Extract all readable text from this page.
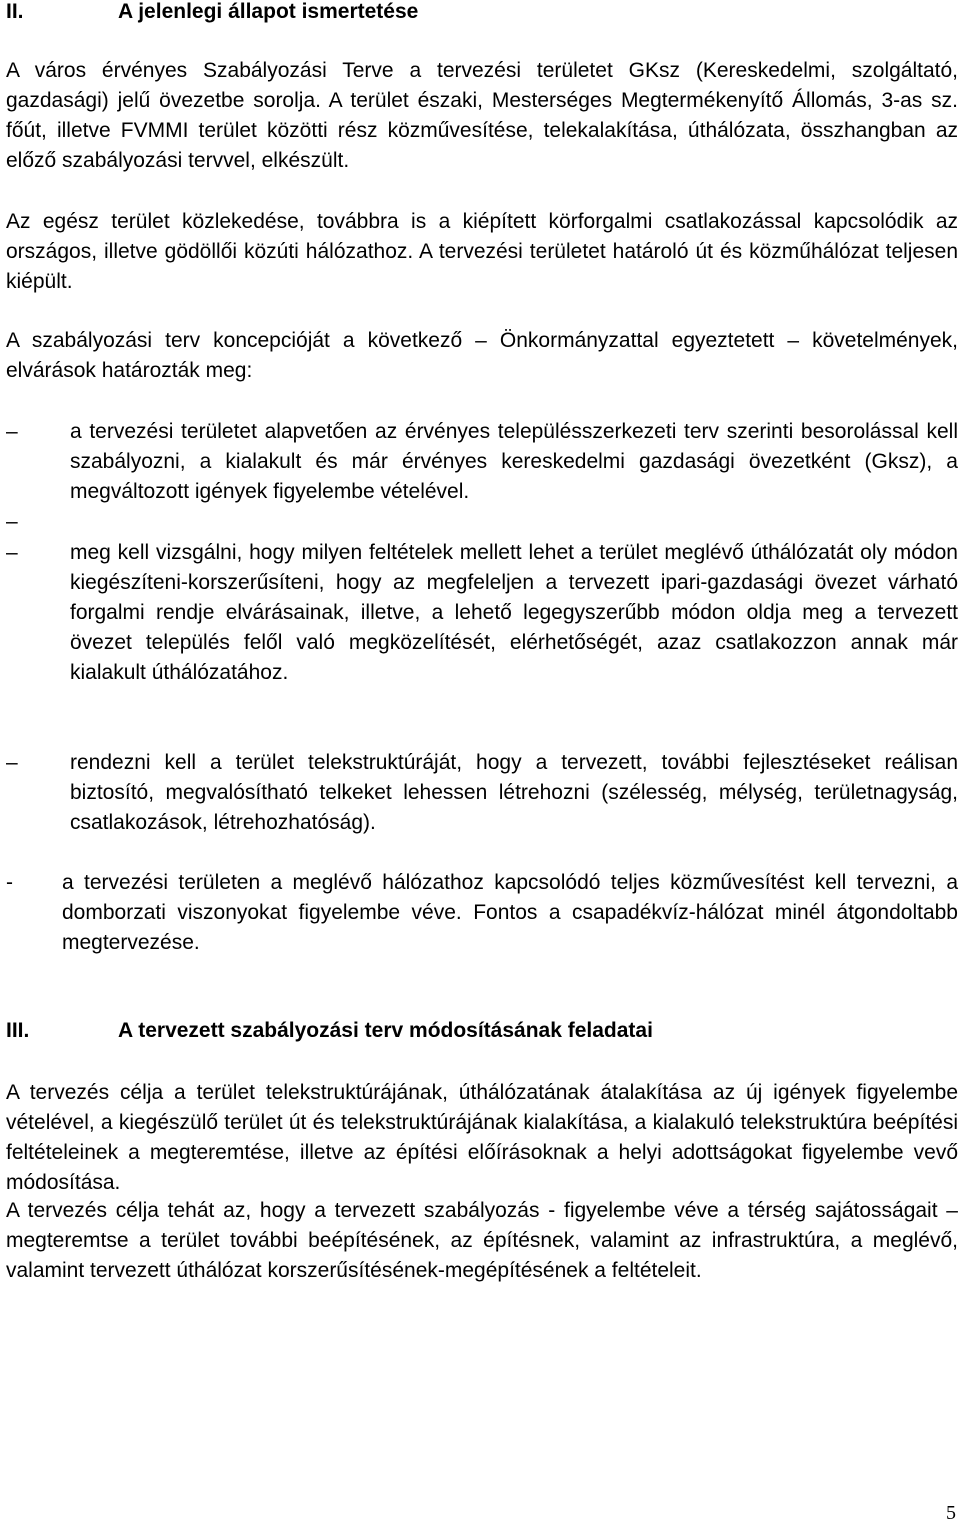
II.	A jelenlegi állapot ismertetése

A város érvényes Szabályozási Terve a tervezési területet GKsz (Kereskedelmi, szolgáltató, gazdasági) jelű övezetbe sorolja. A terület északi, Mesterséges Megtermékenyítő Állomás, 3-as sz. főút, illetve FVMMI terület közötti rész közművesítése, telekalakítása, úthálózata, összhangban az előző szabályozási tervvel, elkészült.

Az egész terület közlekedése, továbbra is a kiépített körforgalmi csatlakozással kapcsolódik az országos, illetve gödöllői közúti hálózathoz. A tervezési területet határoló út és közműhálózat teljesen kiépült.

A szabályozási terv koncepcióját a következő – Önkormányzattal egyeztetett – követelmények, elvárások határozták meg:

–	a tervezési területet alapvetően az érvényes településszerkezeti terv szerinti besorolással kell szabályozni, a kialakult és már érvényes kereskedelmi gazdasági övezetként (Gksz), a megváltozott igények figyelembe vételével.
–
–	meg kell vizsgálni, hogy milyen feltételek mellett lehet a terület meglévő úthálózatát oly módon kiegészíteni-korszerűsíteni, hogy az megfeleljen a tervezett ipari-gazdasági övezet várható forgalmi rendje elvárásainak, illetve, a lehető legegyszerűbb módon oldja meg a tervezett övezet település felől való megközelítését, elérhetőségét, azaz csatlakozzon annak már kialakult úthálózatához.
–	rendezni kell a terület telekstruktúráját, hogy a tervezett, további fejlesztéseket reálisan biztosító, megvalósítható telkeket lehessen létrehozni (szélesség, mélység, területnagyság, csatlakozások, létrehozhatóság).
-	a tervezési területen a meglévő hálózathoz kapcsolódó teljes közművesítést kell tervezni, a domborzati viszonyokat figyelembe véve. Fontos a csapadékvíz-hálózat minél átgondoltabb megtervezése.
III.	A tervezett szabályozási terv módosításának feladatai

A tervezés célja a terület telekstruktúrájának, úthálózatának átalakítása az új igények figyelembe vételével, a kiegészülő terület út és telekstruktúrájának kialakítása, a kialakuló telekstruktúra beépítési feltételeinek a megteremtése, illetve az építési előírásoknak a helyi adottságokat figyelembe vevő módosítása.

A tervezés célja tehát az, hogy a tervezett szabályozás - figyelembe véve a térség sajátosságait – megteremtse a terület további beépítésének, az építésnek, valamint az infrastruktúra, a meglévő, valamint tervezett úthálózat korszerűsítésének-megépítésének a feltételeit.

5
